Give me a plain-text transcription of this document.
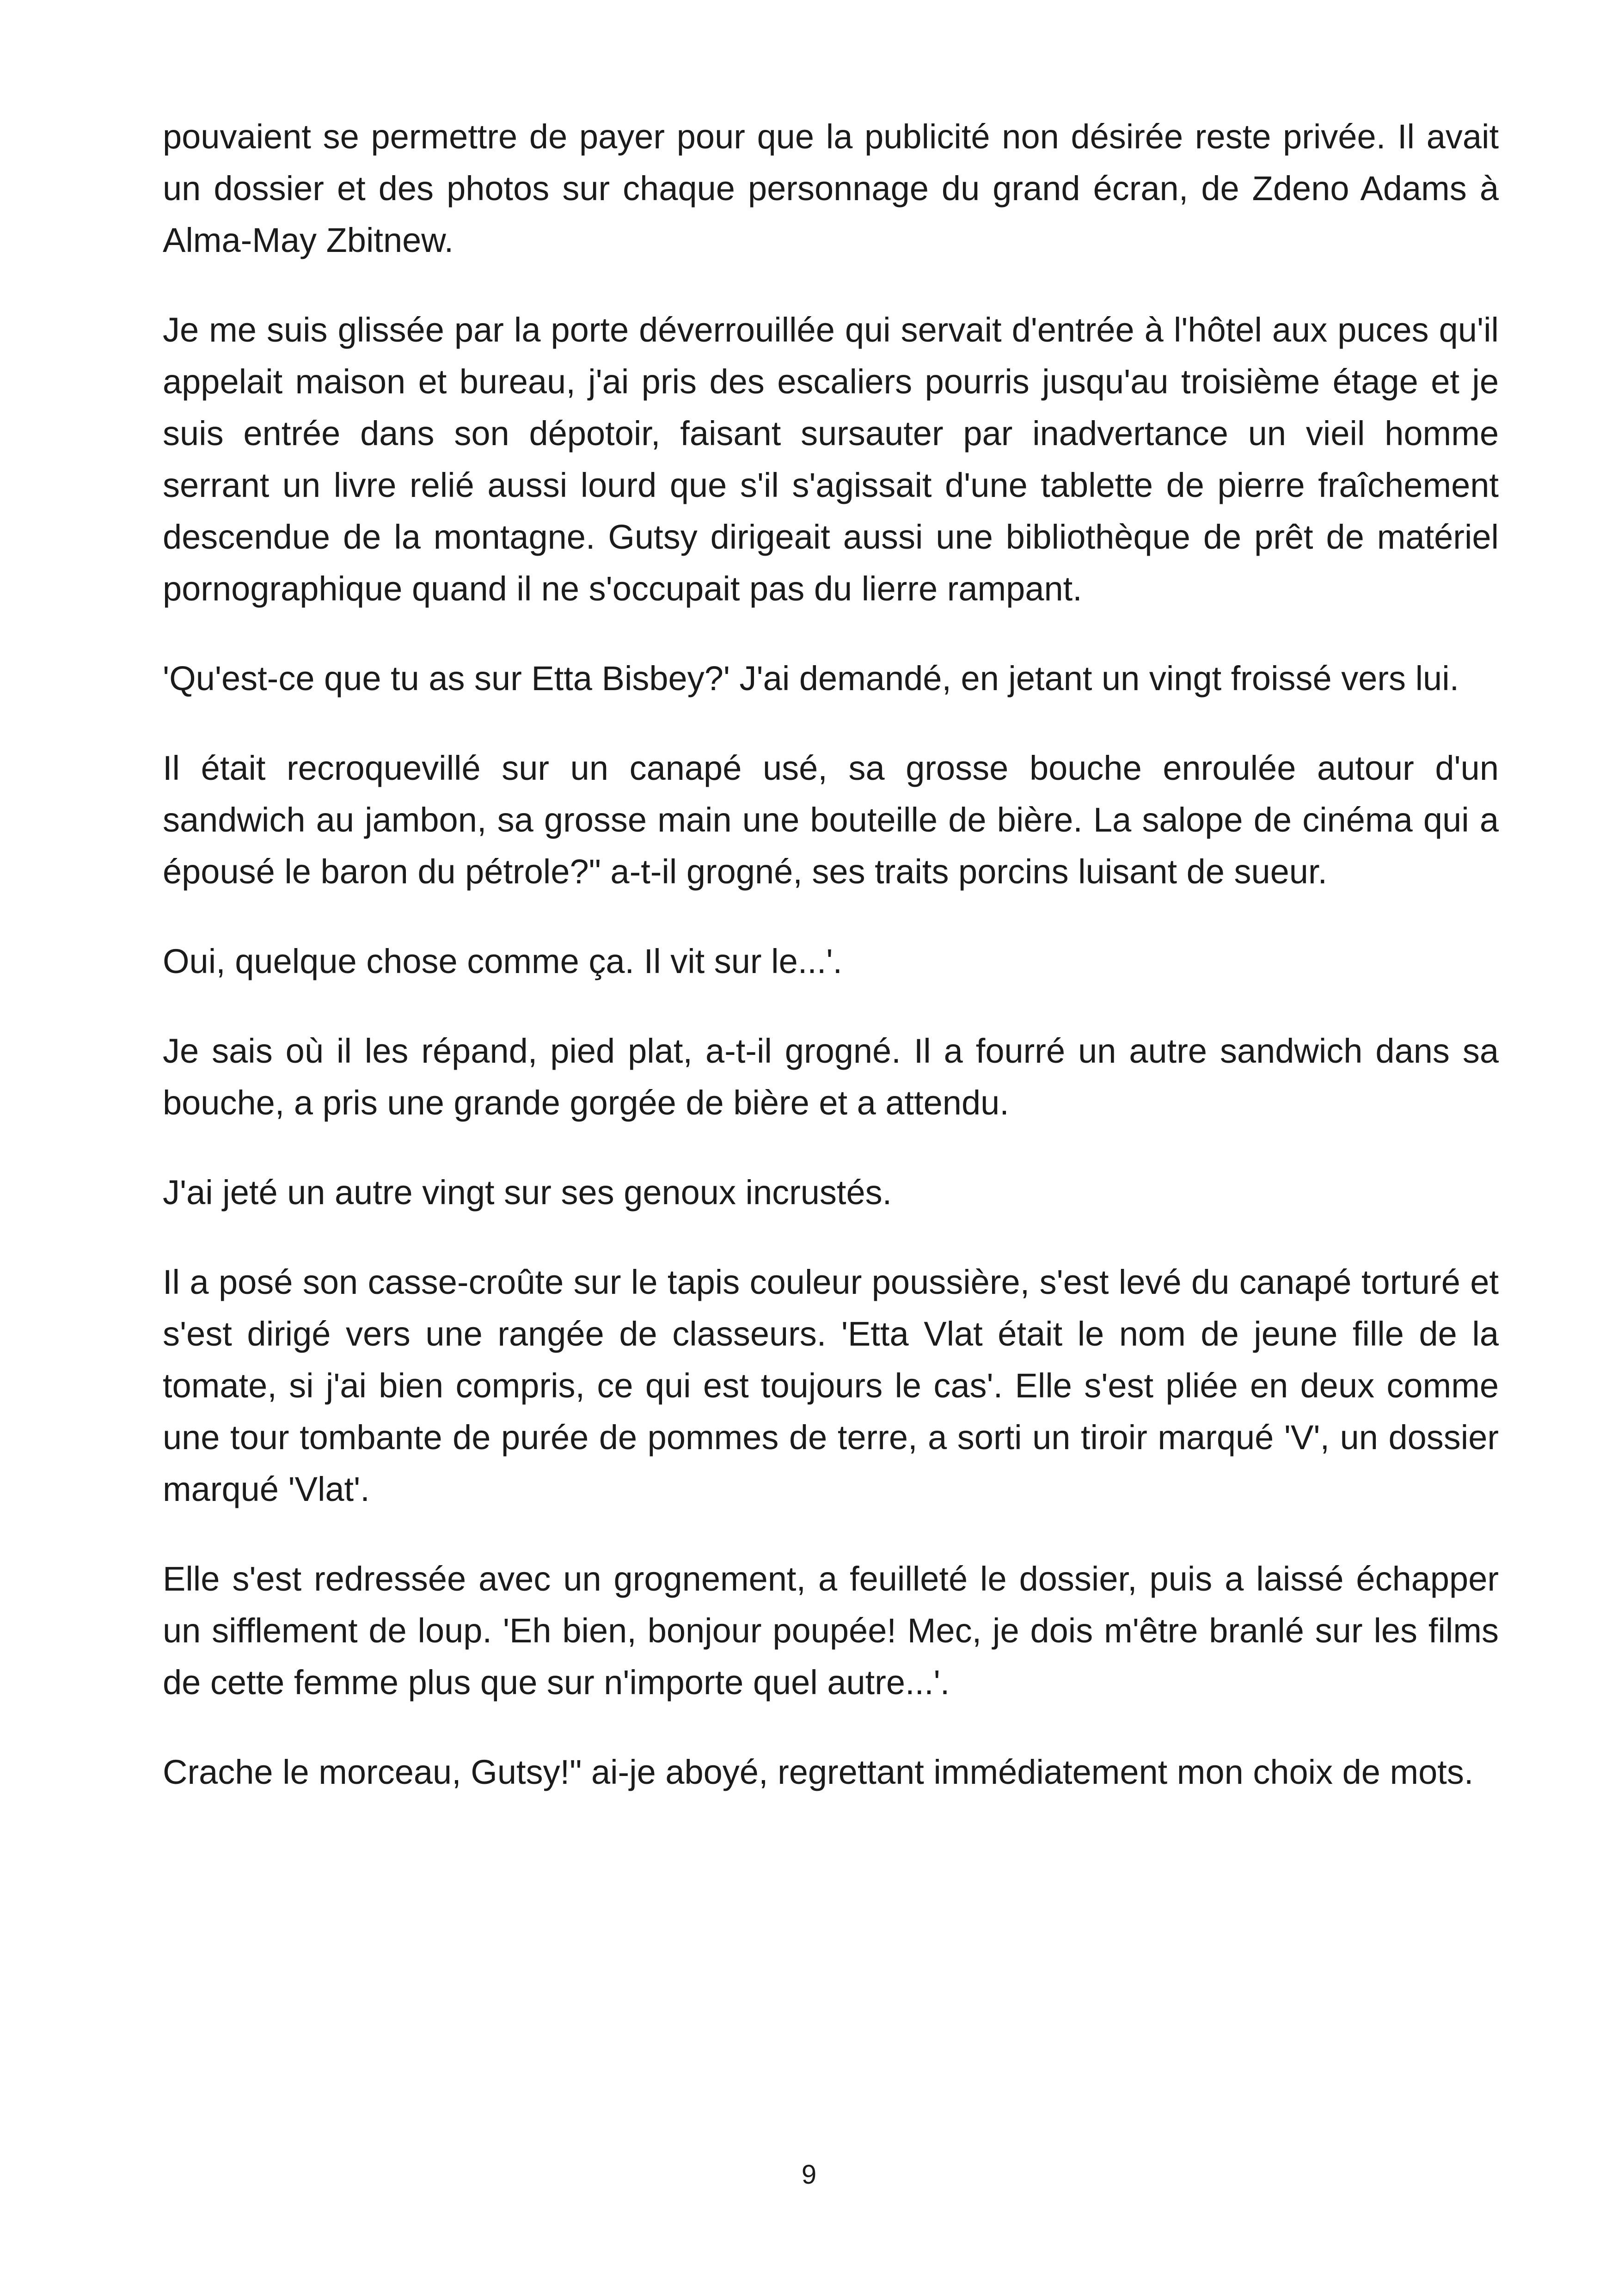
pouvaient se permettre de payer pour que la publicité non désirée reste privée. Il avait un dossier et des photos sur chaque personnage du grand écran, de Zdeno Adams à Alma-May Zbitnew.

Je me suis glissée par la porte déverrouillée qui servait d'entrée à l'hôtel aux puces qu'il appelait maison et bureau, j'ai pris des escaliers pourris jusqu'au troisième étage et je suis entrée dans son dépotoir, faisant sursauter par inadvertance un vieil homme serrant un livre relié aussi lourd que s'il s'agissait d'une tablette de pierre fraîchement descendue de la montagne. Gutsy dirigeait aussi une bibliothèque de prêt de matériel pornographique quand il ne s'occupait pas du lierre rampant.

'Qu'est-ce que tu as sur Etta Bisbey?' J'ai demandé, en jetant un vingt froissé vers lui.

Il était recroquevillé sur un canapé usé, sa grosse bouche enroulée autour d'un sandwich au jambon, sa grosse main une bouteille de bière. La salope de cinéma qui a épousé le baron du pétrole?" a-t-il grogné, ses traits porcins luisant de sueur.

Oui, quelque chose comme ça. Il vit sur le...'.

Je sais où il les répand, pied plat, a-t-il grogné. Il a fourré un autre sandwich dans sa bouche, a pris une grande gorgée de bière et a attendu.

J'ai jeté un autre vingt sur ses genoux incrustés.

Il a posé son casse-croûte sur le tapis couleur poussière, s'est levé du canapé torturé et s'est dirigé vers une rangée de classeurs. 'Etta Vlat était le nom de jeune fille de la tomate, si j'ai bien compris, ce qui est toujours le cas'. Elle s'est pliée en deux comme une tour tombante de purée de pommes de terre, a sorti un tiroir marqué 'V', un dossier marqué 'Vlat'.

Elle s'est redressée avec un grognement, a feuilleté le dossier, puis a laissé échapper un sifflement de loup. 'Eh bien, bonjour poupée! Mec, je dois m'être branlé sur les films de cette femme plus que sur n'importe quel autre...'.

Crache le morceau, Gutsy!" ai-je aboyé, regrettant immédiatement mon choix de mots.

9
